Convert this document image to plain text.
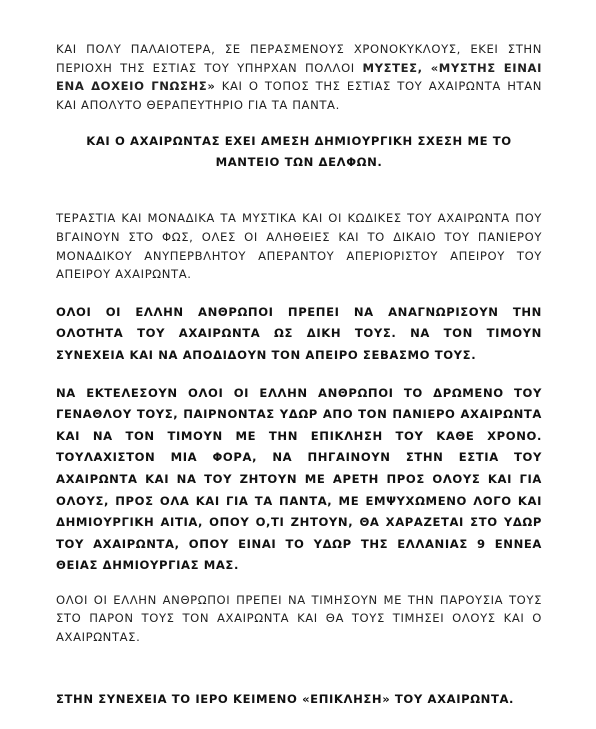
ΚΑΙ ΠΟΛΥ ΠΑΛΑΙΟΤΕΡΑ, ΣΕ ΠΕΡΑΣΜΕΝΟΥΣ ΧΡΟΝΟΚΥΚΛΟΥΣ, ΕΚΕΙ ΣΤΗΝ ΠΕΡΙΟΧΗ ΤΗΣ ΕΣΤΙΑΣ ΤΟΥ ΥΠΗΡΧΑΝ ΠΟΛΛΟΙ ΜΥΣΤΕΣ, «ΜΥΣΤΗΣ ΕΙΝΑΙ ΕΝΑ ΔΟΧΕΙΟ ΓΝΩΣΗΣ» ΚΑΙ Ο ΤΟΠΟΣ ΤΗΣ ΕΣΤΙΑΣ ΤΟΥ ΑΧΑΙΡΩΝΤΑ ΗΤΑΝ ΚΑΙ ΑΠΟΛΥΤΟ ΘΕΡΑΠΕΥΤΗΡΙΟ ΓΙΑ ΤΑ ΠΑΝΤΑ.

ΚΑΙ Ο ΑΧΑΙΡΩΝΤΑΣ ΕΧΕΙ ΑΜΕΣΗ ΔΗΜΙΟΥΡΓΙΚΗ ΣΧΕΣΗ ΜΕ ΤΟ ΜΑΝΤΕΙΟ ΤΩΝ ΔΕΛΦΩΝ.

ΤΕΡΑΣΤΙΑ ΚΑΙ ΜΟΝΑΔΙΚΑ ΤΑ ΜΥΣΤΙΚΑ ΚΑΙ ΟΙ ΚΩΔΙΚΕΣ ΤΟΥ ΑΧΑΙΡΩΝΤΑ ΠΟΥ ΒΓΑΙΝΟΥΝ ΣΤΟ ΦΩΣ, ΟΛΕΣ ΟΙ ΑΛΗΘΕΙΕΣ ΚΑΙ ΤΟ ΔΙΚΑΙΟ ΤΟΥ ΠΑΝΙΕΡΟΥ ΜΟΝΑΔΙΚΟΥ ΑΝΥΠΕΡΒΛΗΤΟΥ ΑΠΕΡΑΝΤΟΥ ΑΠΕΡΙΟΡΙΣΤΟΥ ΑΠΕΙΡΟΥ ΤΟΥ ΑΠΕΙΡΟΥ ΑΧΑΙΡΩΝΤΑ.

ΟΛΟΙ ΟΙ ΕΛΛΗΝ ΑΝΘΡΩΠΟΙ ΠΡΕΠΕΙ ΝΑ ΑΝΑΓΝΩΡΙΣΟΥΝ ΤΗΝ ΟΛΟΤΗΤΑ ΤΟΥ ΑΧΑΙΡΩΝΤΑ ΩΣ ΔΙΚΗ ΤΟΥΣ. ΝΑ ΤΟΝ ΤΙΜΟΥΝ ΣΥΝΕΧΕΙΑ ΚΑΙ ΝΑ ΑΠΟΔΙΔΟΥΝ ΤΟΝ ΑΠΕΙΡΟ ΣΕΒΑΣΜΟ ΤΟΥΣ.

ΝΑ ΕΚΤΕΛΕΣΟΥΝ ΟΛΟΙ ΟΙ ΕΛΛΗΝ ΑΝΘΡΩΠΟΙ ΤΟ ΔΡΩΜΕΝΟ ΤΟΥ ΓΕΝΑΘΛΟΥ ΤΟΥΣ, ΠΑΙΡΝΟΝΤΑΣ ΥΔΩΡ ΑΠΟ ΤΟΝ ΠΑΝΙΕΡΟ ΑΧΑΙΡΩΝΤΑ ΚΑΙ ΝΑ ΤΟΝ ΤΙΜΟΥΝ ΜΕ ΤΗΝ ΕΠΙΚΛΗΣΗ ΤΟΥ ΚΑΘΕ ΧΡΟΝΟ. ΤΟΥΛΑΧΙΣΤΟΝ ΜΙΑ ΦΟΡΑ, ΝΑ ΠΗΓΑΙΝΟΥΝ ΣΤΗΝ ΕΣΤΙΑ ΤΟΥ ΑΧΑΙΡΩΝΤΑ ΚΑΙ ΝΑ ΤΟΥ ΖΗΤΟΥΝ ΜΕ ΑΡΕΤΗ ΠΡΟΣ ΟΛΟΥΣ ΚΑΙ ΓΙΑ ΟΛΟΥΣ, ΠΡΟΣ ΟΛΑ ΚΑΙ ΓΙΑ ΤΑ ΠΑΝΤΑ, ΜΕ ΕΜΨΥΧΩΜΕΝΟ ΛΟΓΟ ΚΑΙ ΔΗΜΙΟΥΡΓΙΚΗ ΑΙΤΙΑ, ΟΠΟΥ Ο,ΤΙ ΖΗΤΟΥΝ, ΘΑ ΧΑΡΑΖΕΤΑΙ ΣΤΟ ΥΔΩΡ ΤΟΥ ΑΧΑΙΡΩΝΤΑ, ΟΠΟΥ ΕΙΝΑΙ ΤΟ ΥΔΩΡ ΤΗΣ ΕΛΛΑΝΙΑΣ 9 ΕΝΝΕΑ ΘΕΙΑΣ ΔΗΜΙΟΥΡΓΙΑΣ ΜΑΣ.

ΟΛΟΙ ΟΙ ΕΛΛΗΝ ΑΝΘΡΩΠΟΙ ΠΡΕΠΕΙ ΝΑ ΤΙΜΗΣΟΥΝ ΜΕ ΤΗΝ ΠΑΡΟΥΣΙΑ ΤΟΥΣ ΣΤΟ ΠΑΡΟΝ ΤΟΥΣ ΤΟΝ ΑΧΑΙΡΩΝΤΑ ΚΑΙ ΘΑ ΤΟΥΣ ΤΙΜΗΣΕΙ ΟΛΟΥΣ ΚΑΙ Ο ΑΧΑΙΡΩΝΤΑΣ.

ΣΤΗΝ ΣΥΝΕΧΕΙΑ ΤΟ ΙΕΡΟ ΚΕΙΜΕΝΟ «ΕΠΙΚΛΗΣΗ» ΤΟΥ ΑΧΑΙΡΩΝΤΑ.
